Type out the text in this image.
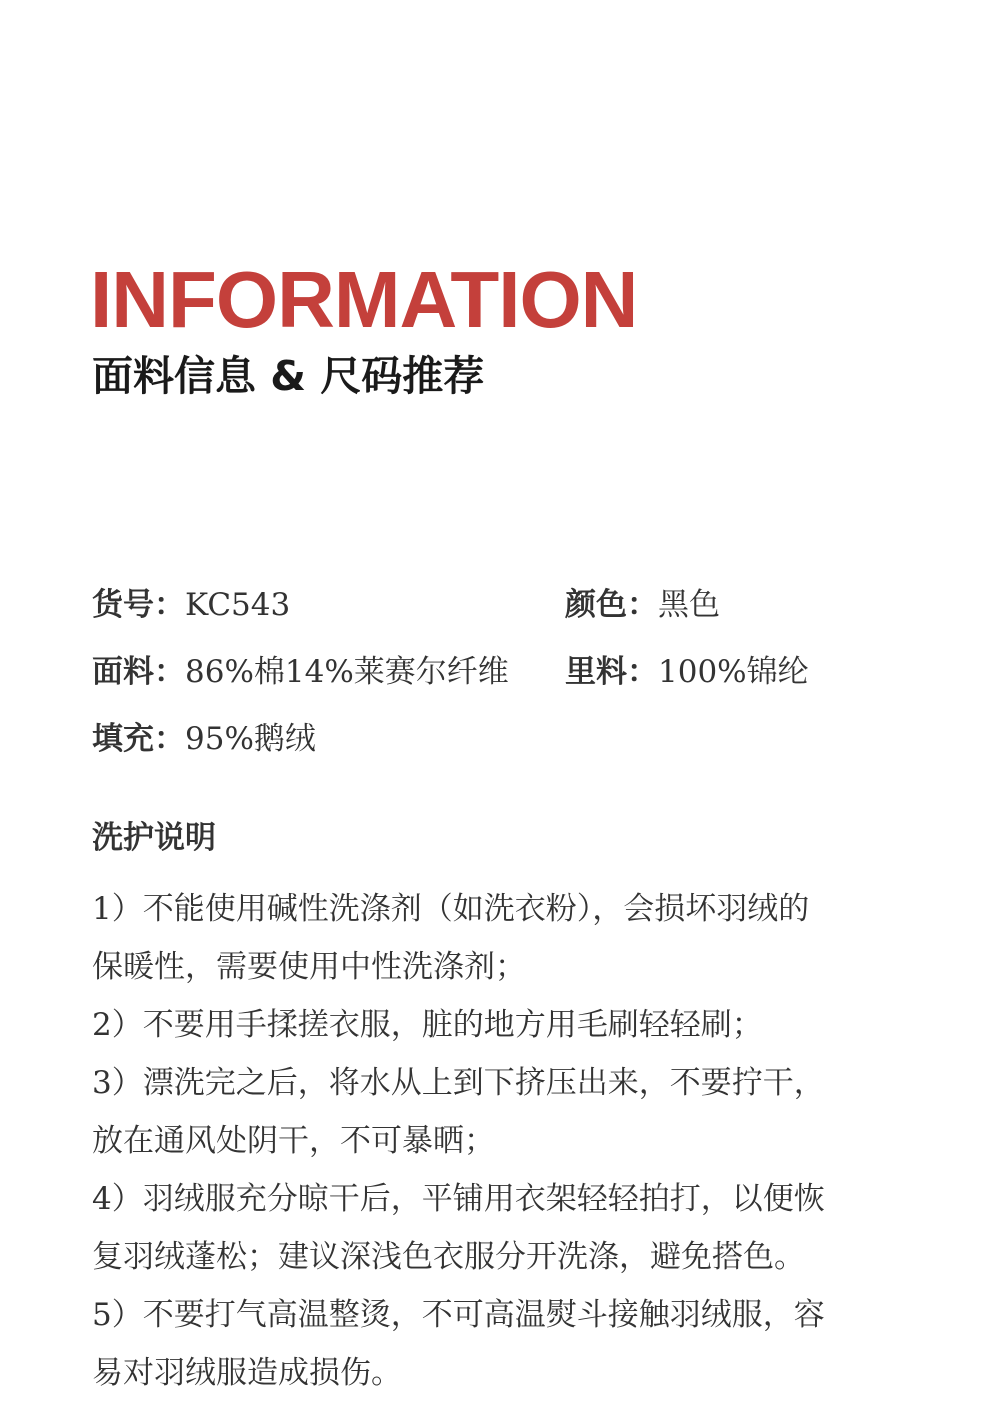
INFORMATION
面料信息 & 尺码推荐
货号： KC543	颜色： 黑色
面料： 86%棉14%莱赛尔纤维 里料： 100%锦纶
填充： 95%鹅绒
洗护说明
1）不能使用碱性洗涤剂（如洗衣粉），会损坏羽绒的
保暖性，需要使用中性洗涤剂；
2）不要用手揉搓衣服，脏的地方用毛刷轻轻刷；
3）漂洗完之后，将水从上到下挤压出来，不要拧干，
放在通风处阴干，不可暴晒；
4）羽绒服充分晾干后，平铺用衣架轻轻拍打，以便恢
复羽绒蓬松；建议深浅色衣服分开洗涤，避免搭色。
5）不要打气高温整烫，不可高温熨斗接触羽绒服，容
易对羽绒服造成损伤。
